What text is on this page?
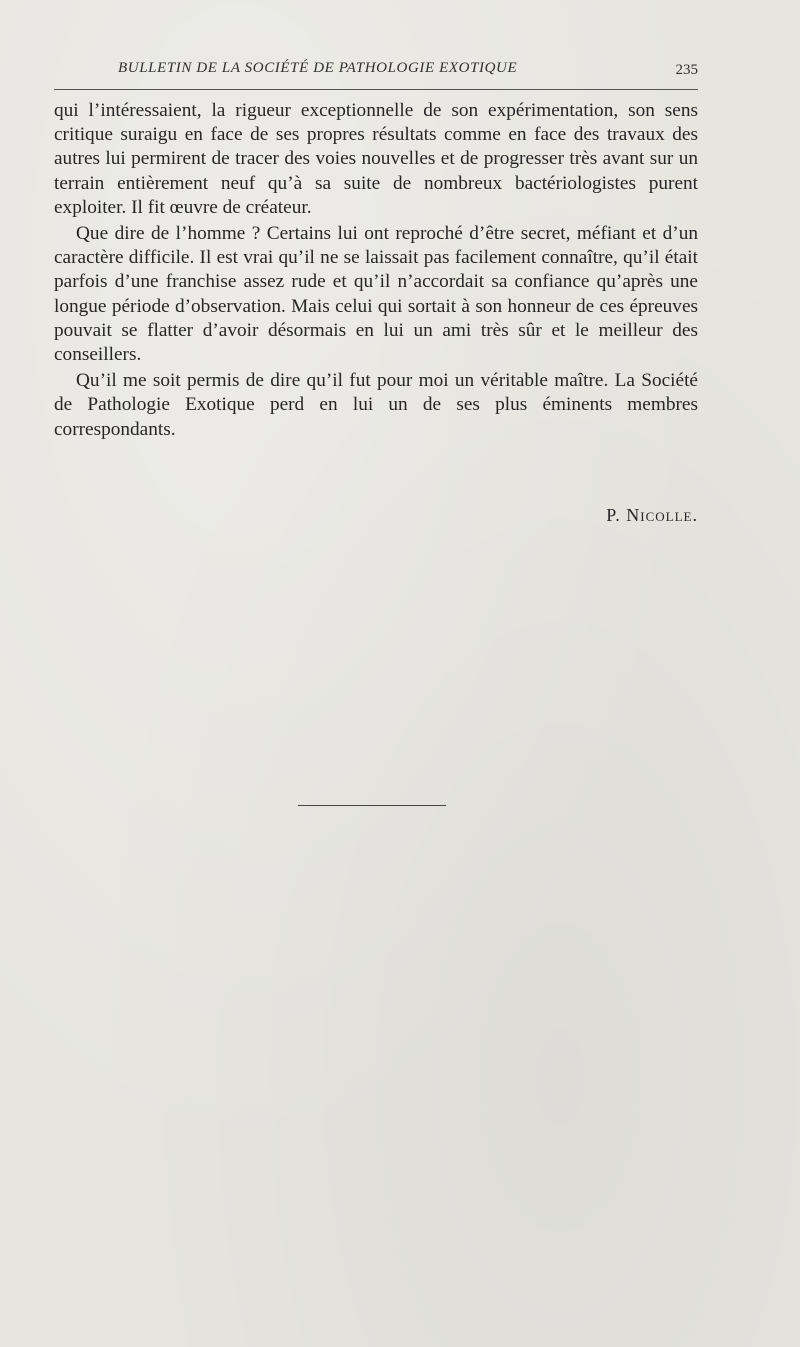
BULLETIN DE LA SOCIÉTÉ DE PATHOLOGIE EXOTIQUE	235

qui l’intéressaient, la rigueur exceptionnelle de son expérimentation, son sens critique suraigu en face de ses propres résultats comme en face des travaux des autres lui permirent de tracer des voies nouvelles et de progresser très avant sur un terrain entièrement neuf qu’à sa suite de nombreux bactériologistes purent exploiter. Il fit œuvre de créateur.

Que dire de l’homme ? Certains lui ont reproché d’être secret, méfiant et d’un caractère difficile. Il est vrai qu’il ne se laissait pas facilement connaître, qu’il était parfois d’une franchise assez rude et qu’il n’accordait sa confiance qu’après une longue période d’observation. Mais celui qui sortait à son honneur de ces épreuves pouvait se flatter d’avoir désormais en lui un ami très sûr et le meilleur des conseillers.

Qu’il me soit permis de dire qu’il fut pour moi un véritable maître. La Société de Pathologie Exotique perd en lui un de ses plus éminents membres correspondants.

P. Nicolle.
